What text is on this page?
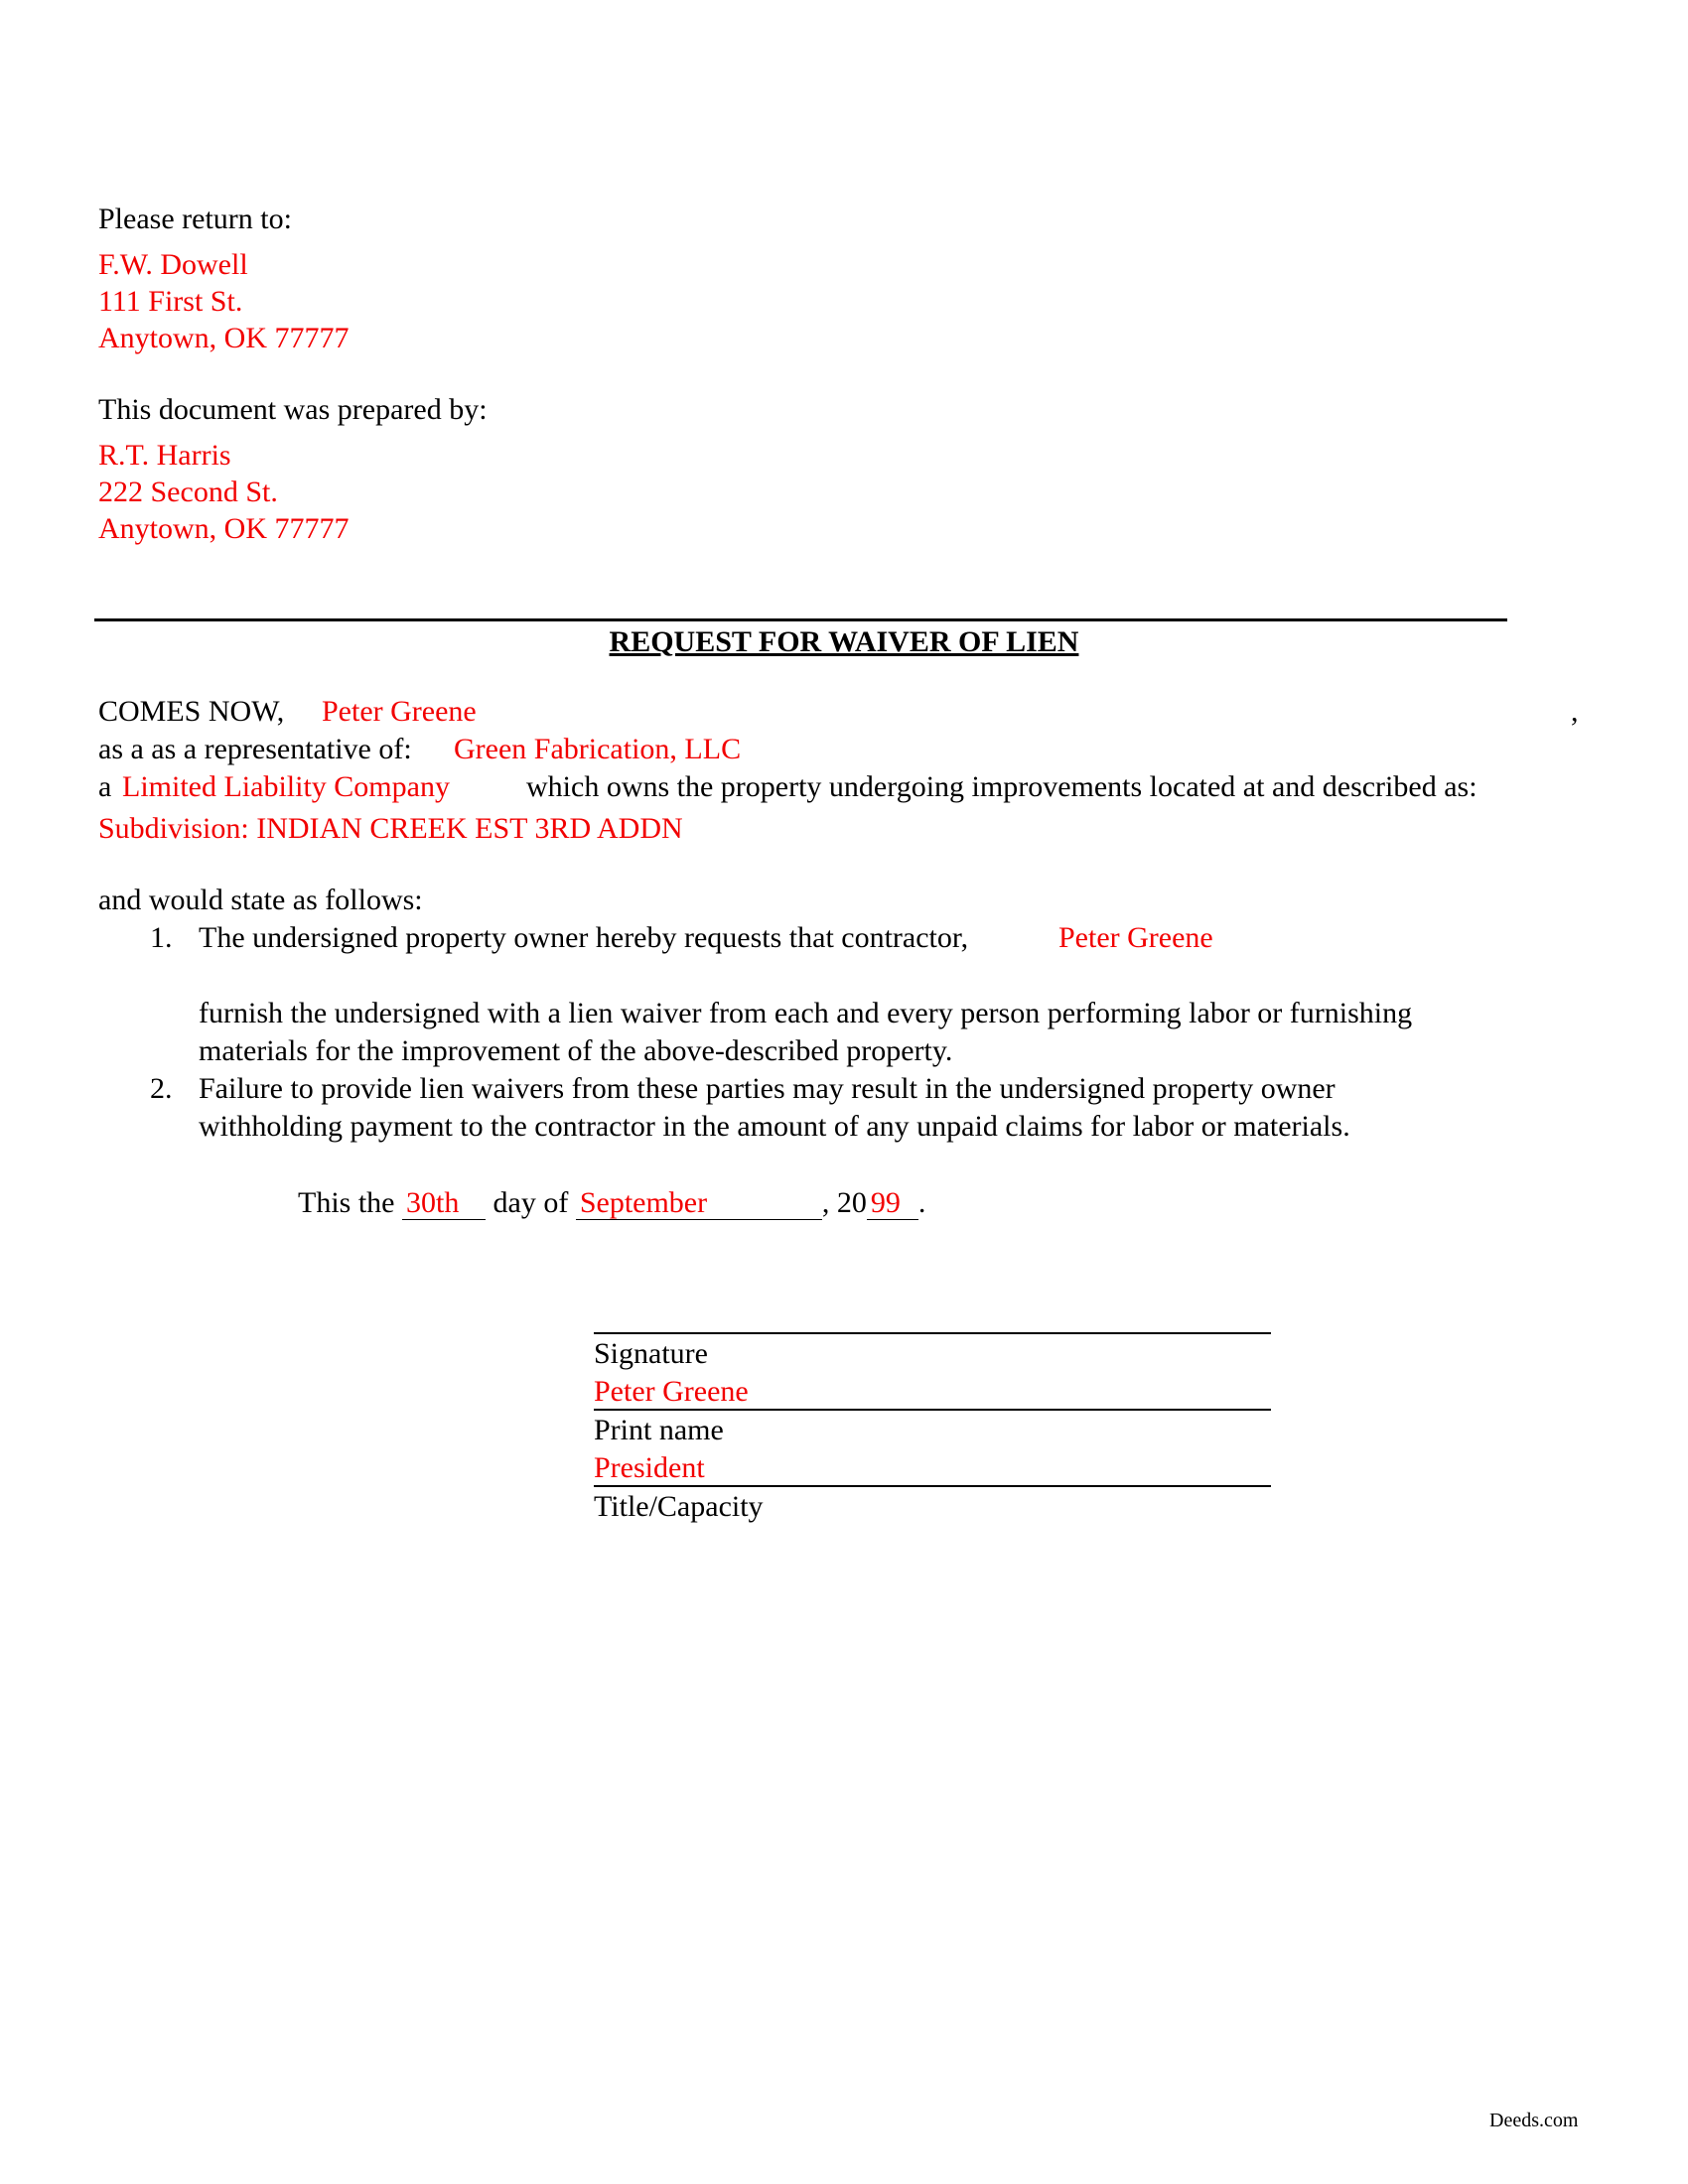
Please return to:
F.W. Dowell
111 First St.
Anytown, OK 77777
This document was prepared by:
R.T. Harris
222 Second St.
Anytown, OK 77777
REQUEST FOR WAIVER OF LIEN
COMES NOW, Peter Greene	,
as a as a representative of: Green Fabrication, LLC
a Limited Liability Company	which owns the property undergoing improvements located at and described as:
Subdivision: INDIAN CREEK EST 3RD ADDN
and would state as follows:
1. The undersigned property owner hereby requests that contractor,	Peter Greene
furnish the undersigned with a lien waiver from each and every person performing labor or furnishing
materials for the improvement of the above-described property.
2. Failure to provide lien waivers from these parties may result in the undersigned property owner
withholding payment to the contractor in the amount of any unpaid claims for labor or materials.
This the 30th day of September	, 20 99 .
Signature
Peter Greene
Print name
President
Title/Capacity
Deeds.com
